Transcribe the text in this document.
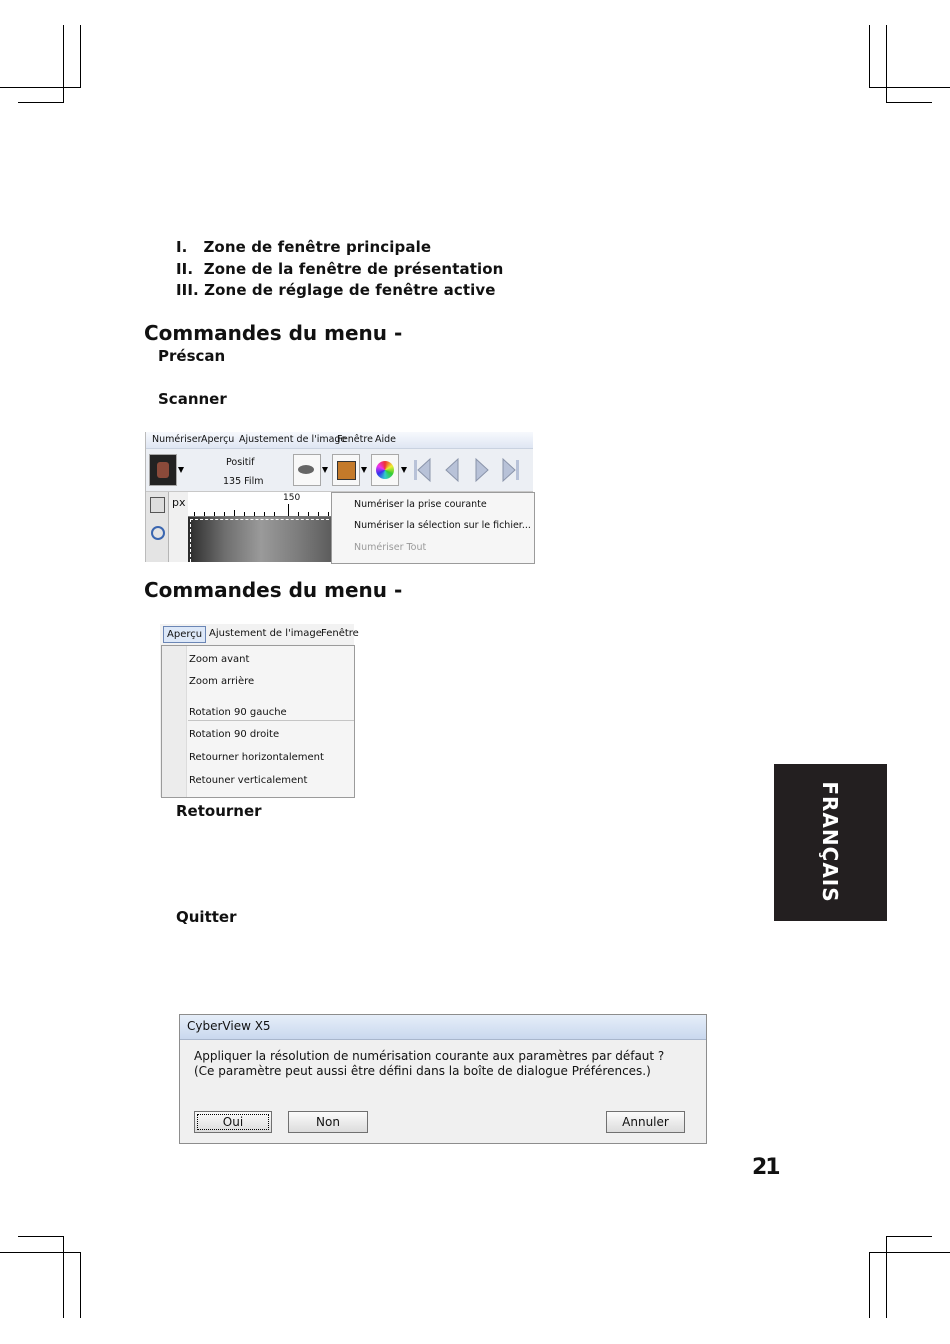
I.   Zone de fenêtre principale
II.  Zone de la fenêtre de présentation
III. Zone de réglage de fenêtre active
Commandes du menu -
Préscan
Scanner
Numériser Aperçu Ajustement de l'image
Fenêtre Aide
Positif
135 Film
px	150
Numériser la prise courante
Numériser la sélection sur le fichier...
Numériser Tout
Commandes du menu -
Aperçu Ajustement de l'image Fenêtre
Zoom avant
Zoom arrière
Rotation 90 gauche
Rotation 90 droite
Retourner horizontalement
Retouner verticalement
Retourner
Quitter
CyberView X5
Appliquer la résolution de numérisation courante aux paramètres par défaut ?
(Ce paramètre peut aussi être défini dans la boîte de dialogue Préférences.)
Oui	Non	Annuler
FRANÇAIS
21
